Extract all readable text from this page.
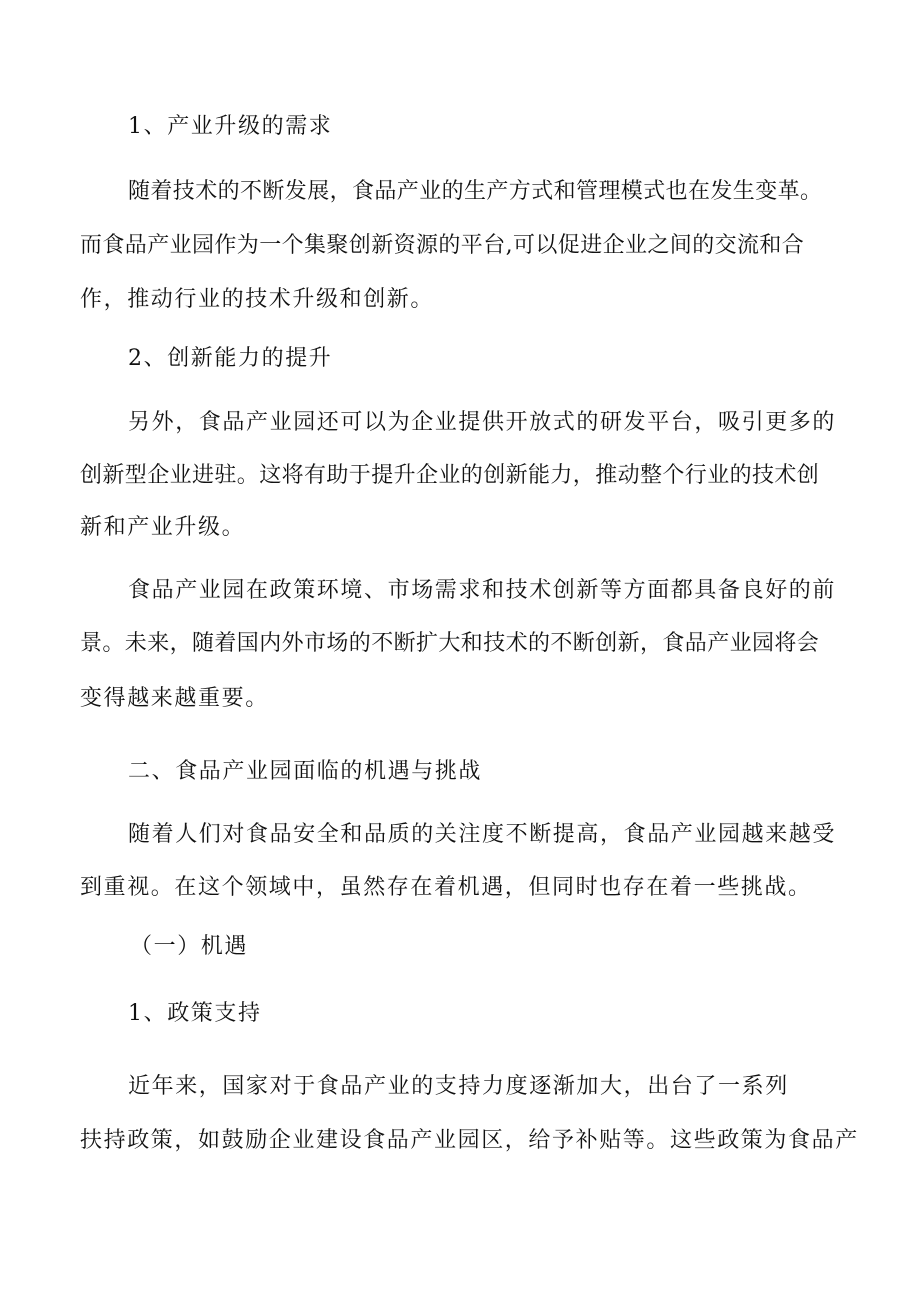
1、产业升级的需求

随着技术的不断发展，食品产业的生产方式和管理模式也在发生变革。

而食品产业园作为一个集聚创新资源的平台,可以促进企业之间的交流和合

作，推动行业的技术升级和创新。

2、创新能力的提升

另外，食品产业园还可以为企业提供开放式的研发平台，吸引更多的

创新型企业进驻。这将有助于提升企业的创新能力，推动整个行业的技术创

新和产业升级。

食品产业园在政策环境、市场需求和技术创新等方面都具备良好的前

景。未来，随着国内外市场的不断扩大和技术的不断创新，食品产业园将会

变得越来越重要。

二、食品产业园面临的机遇与挑战

随着人们对食品安全和品质的关注度不断提高，食品产业园越来越受

到重视。在这个领域中，虽然存在着机遇，但同时也存在着一些挑战。

（一）机遇

1、政策支持

近年来，国家对于食品产业的支持力度逐渐加大，出台了一系列

扶持政策，如鼓励企业建设食品产业园区，给予补贴等。这些政策为食品产
